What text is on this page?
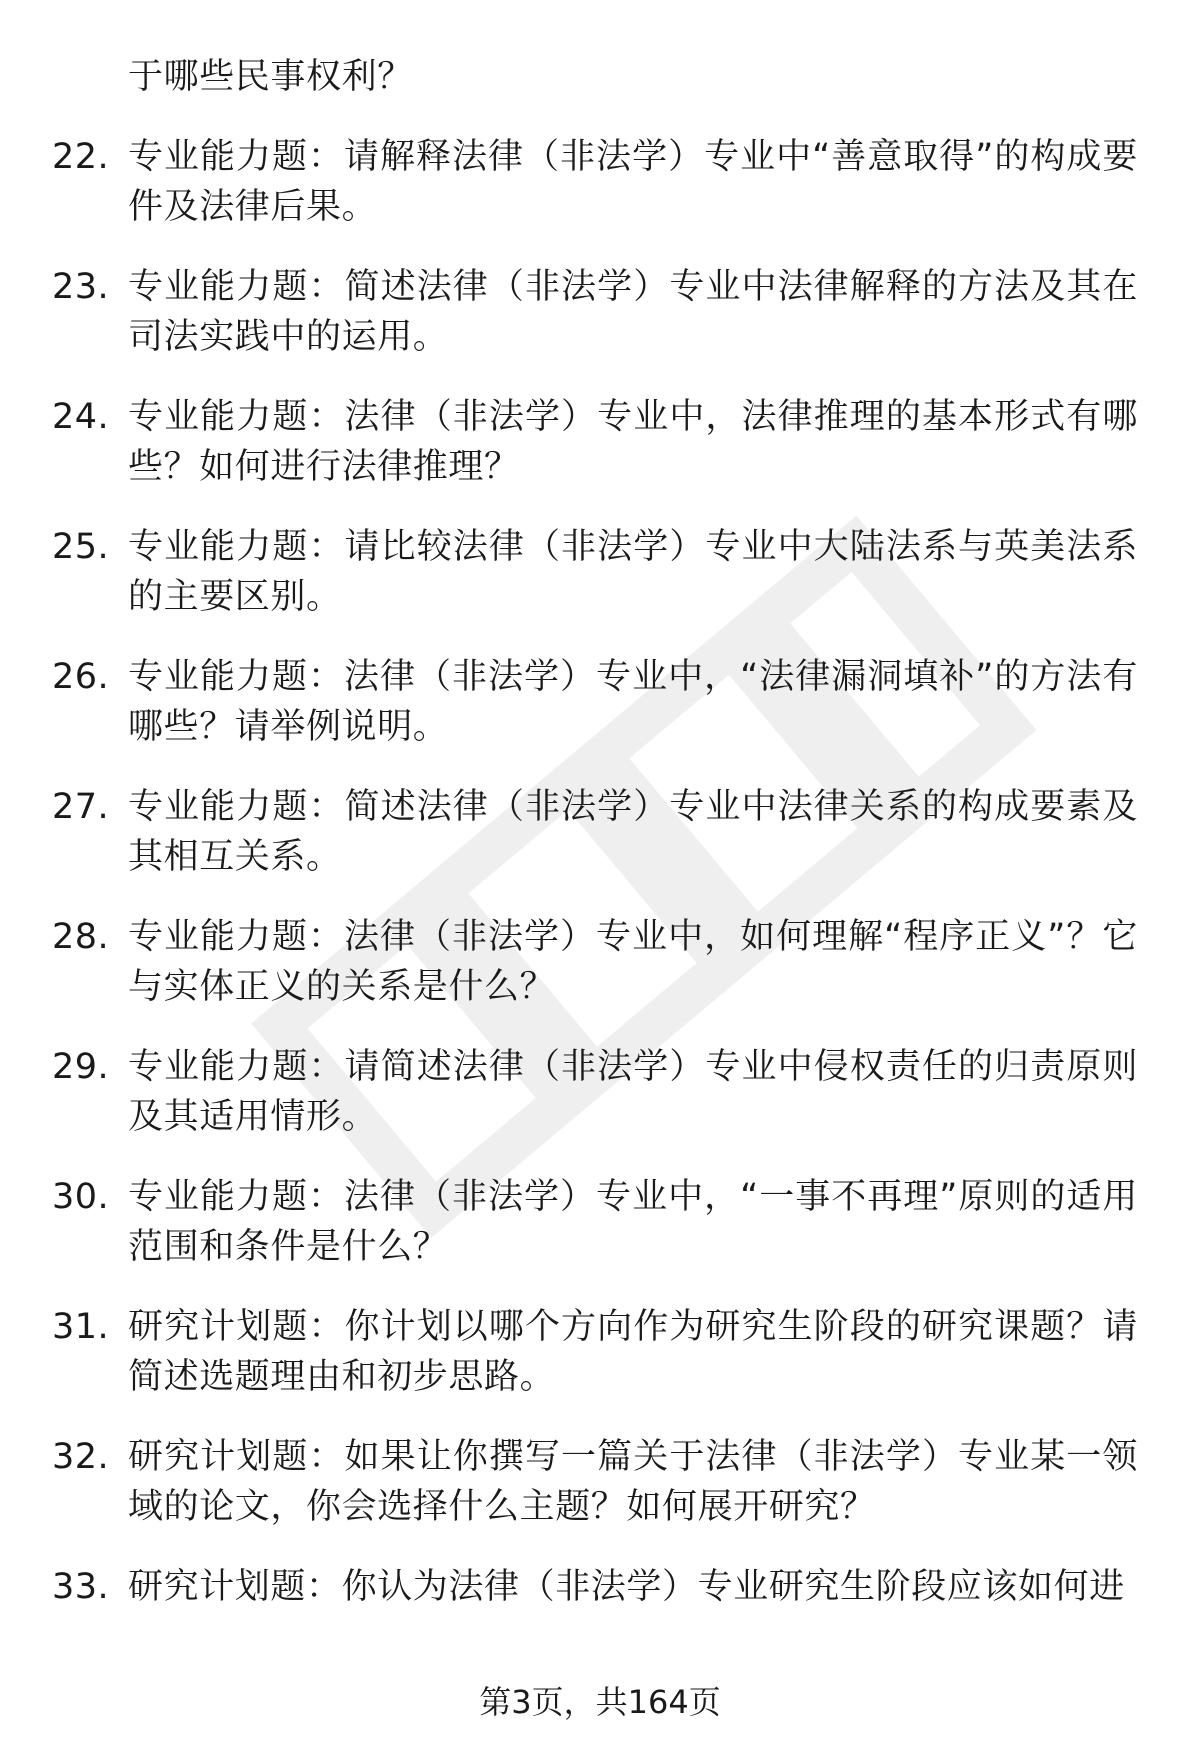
于哪些民事权利？
22. 专业能力题：请解释法律（非法学）专业中“善意取得”的构成要件及法律后果。
23. 专业能力题：简述法律（非法学）专业中法律解释的方法及其在司法实践中的运用。
24. 专业能力题：法律（非法学）专业中，法律推理的基本形式有哪些？如何进行法律推理？
25. 专业能力题：请比较法律（非法学）专业中大陆法系与英美法系的主要区别。
26. 专业能力题：法律（非法学）专业中，“法律漏洞填补”的方法有哪些？请举例说明。
27. 专业能力题：简述法律（非法学）专业中法律关系的构成要素及其相互关系。
28. 专业能力题：法律（非法学）专业中，如何理解“程序正义”？它与实体正义的关系是什么？
29. 专业能力题：请简述法律（非法学）专业中侵权责任的归责原则及其适用情形。
30. 专业能力题：法律（非法学）专业中，“一事不再理”原则的适用范围和条件是什么？
31. 研究计划题：你计划以哪个方向作为研究生阶段的研究课题？请简述选题理由和初步思路。
32. 研究计划题：如果让你撰写一篇关于法律（非法学）专业某一领域的论文，你会选择什么主题？如何展开研究？
33. 研究计划题：你认为法律（非法学）专业研究生阶段应该如何进
第3页，共164页
